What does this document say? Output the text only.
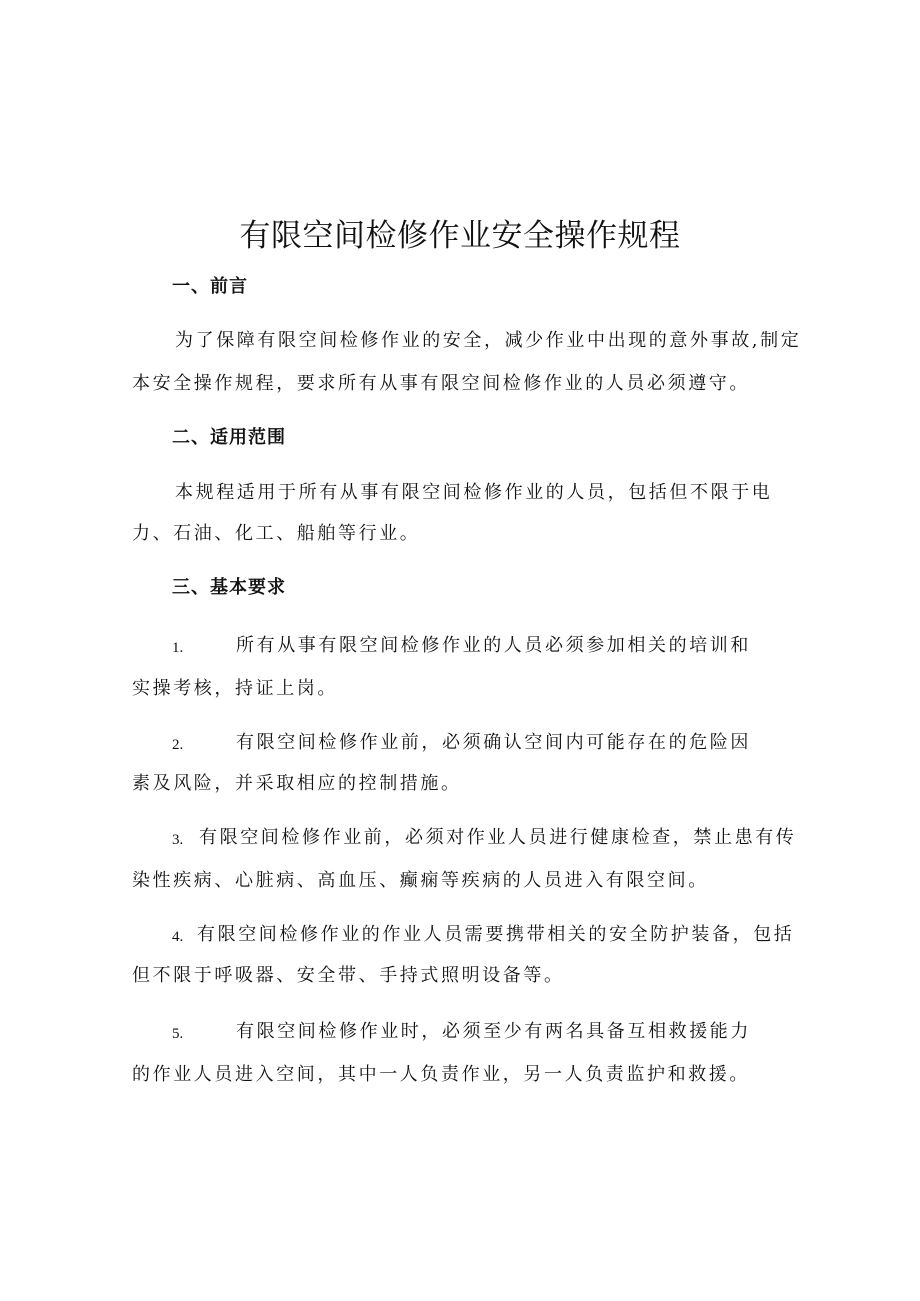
有限空间检修作业安全操作规程
一、前言
为了保障有限空间检修作业的安全，减少作业中出现的意外事故,制定
本安全操作规程，要求所有从事有限空间检修作业的人员必须遵守。
二、适用范围
本规程适用于所有从事有限空间检修作业的人员，包括但不限于电
力、石油、化工、船舶等行业。
三、基本要求
1.	所有从事有限空间检修作业的人员必须参加相关的培训和
实操考核，持证上岗。
2.	有限空间检修作业前，必须确认空间内可能存在的危险因
素及风险，并采取相应的控制措施。
3. 有限空间检修作业前，必须对作业人员进行健康检查，禁止患有传
染性疾病、心脏病、高血压、癫痫等疾病的人员进入有限空间。
4. 有限空间检修作业的作业人员需要携带相关的安全防护装备，包括
但不限于呼吸器、安全带、手持式照明设备等。
5.	有限空间检修作业时，必须至少有两名具备互相救援能力
的作业人员进入空间，其中一人负责作业，另一人负责监护和救援。
